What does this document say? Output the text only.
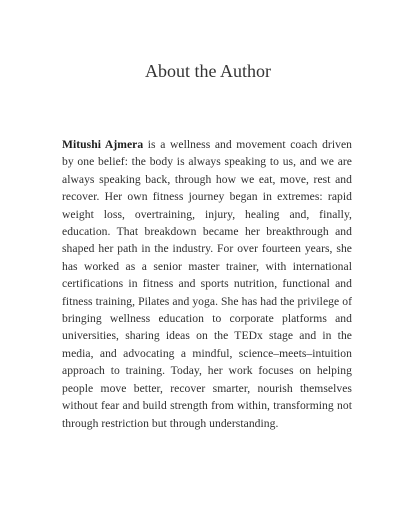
About the Author

Mitushi Ajmera is a wellness and movement coach driven by one belief: the body is always speaking to us, and we are always speaking back, through how we eat, move, rest and recover. Her own fitness journey began in extremes: rapid weight loss, overtraining, injury, healing and, finally, education. That breakdown became her breakthrough and shaped her path in the industry. For over fourteen years, she has worked as a senior master trainer, with international certifications in fitness and sports nutrition, functional and fitness training, Pilates and yoga. She has had the privilege of bringing wellness education to corporate platforms and universities, sharing ideas on the TEDx stage and in the media, and advocating a mindful, science–meets–intuition approach to training. Today, her work focuses on helping people move better, recover smarter, nourish themselves without fear and build strength from within, transforming not through restriction but through understanding.
